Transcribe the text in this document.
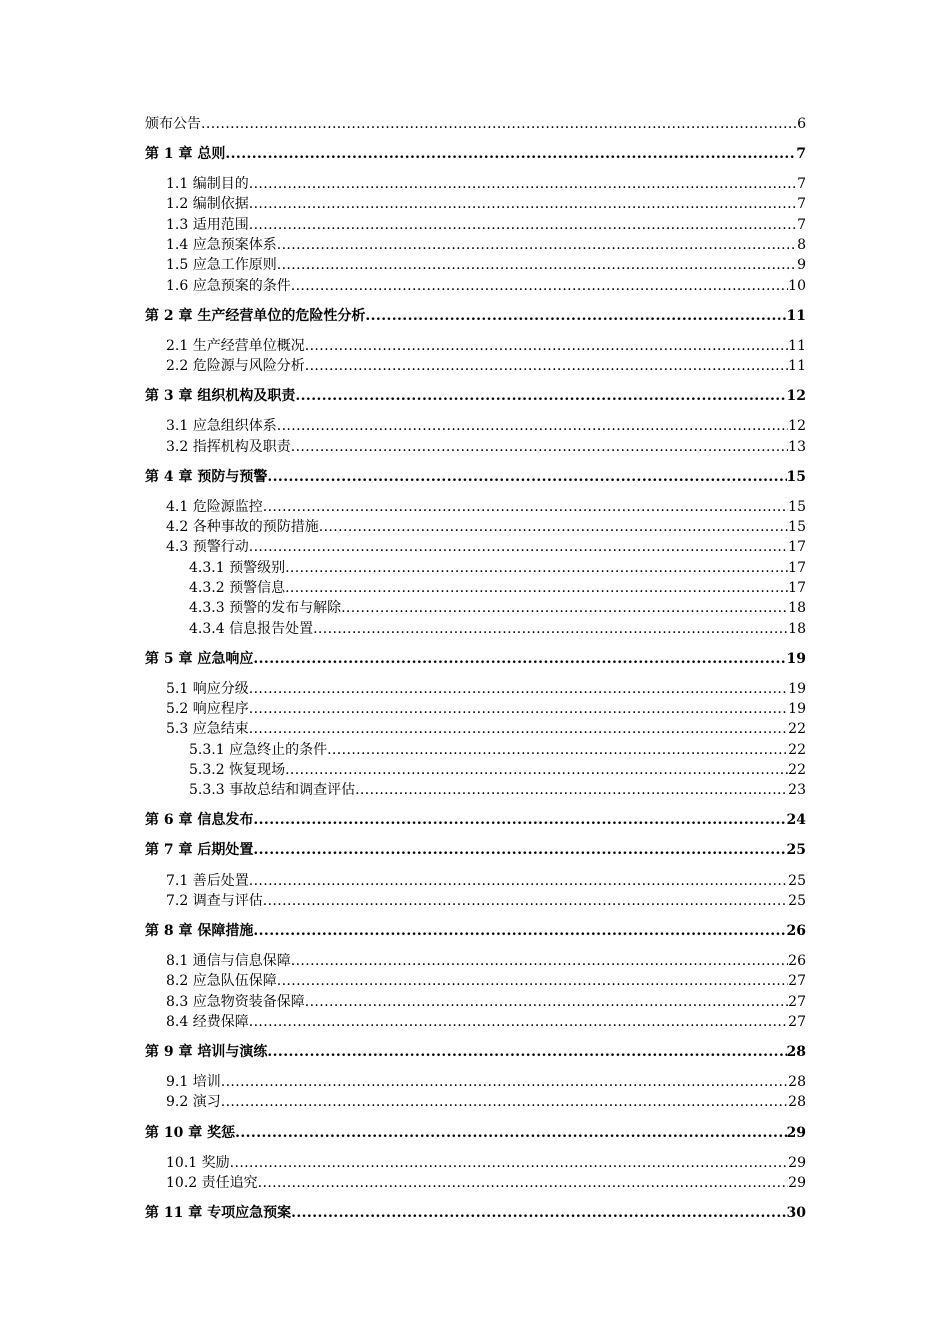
颁布公告 .....	6
第 1 章 总则 .....	7
1.1 编制目的 .....	7
1.2 编制依据 .....	7
1.3 适用范围 .....	7
1.4 应急预案体系 .....	8
1.5 应急工作原则 .....	9
1.6 应急预案的条件 .....	10
第 2 章 生产经营单位的危险性分析 .....	11
2.1 生产经营单位概况 .....	11
2.2 危险源与风险分析 .....	11
第 3 章 组织机构及职责 .....	12
3.1 应急组织体系 .....	12
3.2 指挥机构及职责 .....	13
第 4 章 预防与预警 .....	15
4.1 危险源监控 .....	15
4.2 各种事故的预防措施 .....	15
4.3 预警行动 .....	17
4.3.1 预警级别 .....	17
4.3.2 预警信息 .....	17
4.3.3 预警的发布与解除 .....	18
4.3.4 信息报告处置 .....	18
第 5 章 应急响应 .....	19
5.1 响应分级 .....	19
5.2 响应程序 .....	19
5.3 应急结束 .....	22
5.3.1 应急终止的条件 .....	22
5.3.2 恢复现场 .....	22
5.3.3 事故总结和调查评估 .....	23
第 6 章 信息发布 .....	24
第 7 章 后期处置 .....	25
7.1 善后处置 .....	25
7.2 调查与评估 .....	25
第 8 章 保障措施 .....	26
8.1 通信与信息保障 .....	26
8.2 应急队伍保障 .....	27
8.3 应急物资装备保障 .....	27
8.4 经费保障 .....	27
第 9 章 培训与演练 .....	28
9.1 培训 .....	28
9.2 演习 .....	28
第 10 章 奖惩 .....	29
10.1 奖励 .....	29
10.2 责任追究 .....	29
第 11 章 专项应急预案 .....	30
